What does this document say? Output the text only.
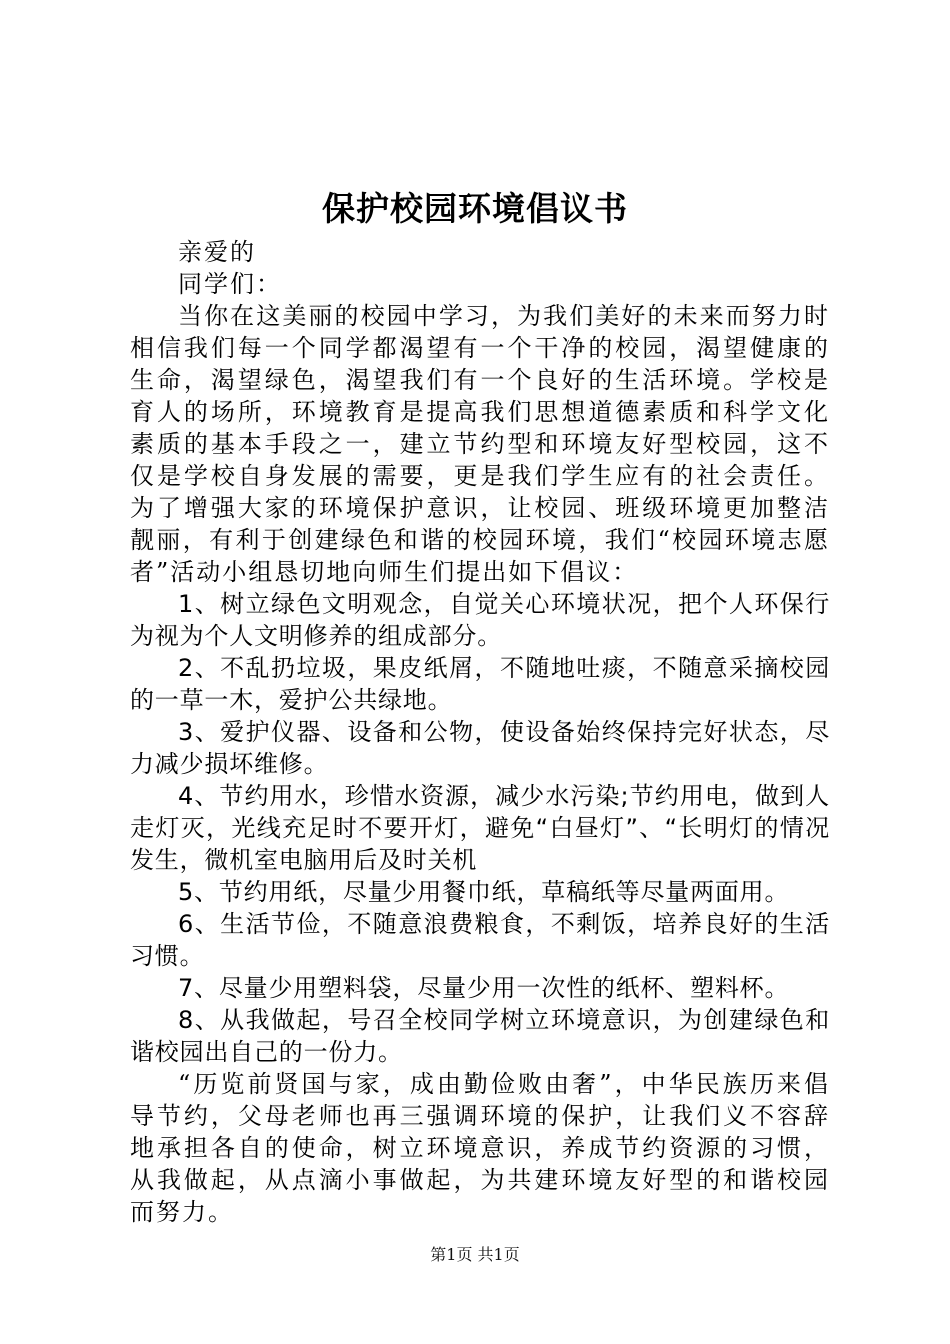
保护校园环境倡议书

亲爱的

同学们：

当你在这美丽的校园中学习，为我们美好的未来而努力时相信我们每一个同学都渴望有一个干净的校园，渴望健康的生命，渴望绿色，渴望我们有一个良好的生活环境。学校是育人的场所，环境教育是提高我们思想道德素质和科学文化素质的基本手段之一，建立节约型和环境友好型校园，这不仅是学校自身发展的需要，更是我们学生应有的社会责任。为了增强大家的环境保护意识，让校园、班级环境更加整洁靓丽，有利于创建绿色和谐的校园环境，我们“校园环境志愿者”活动小组恳切地向师生们提出如下倡议：

1、树立绿色文明观念，自觉关心环境状况，把个人环保行为视为个人文明修养的组成部分。

2、不乱扔垃圾，果皮纸屑，不随地吐痰，不随意采摘校园的一草一木，爱护公共绿地。

3、爱护仪器、设备和公物，使设备始终保持完好状态，尽力减少损坏维修。

4、节约用水，珍惜水资源，减少水污染;节约用电，做到人走灯灭，光线充足时不要开灯，避免“白昼灯”、“长明灯的情况发生，微机室电脑用后及时关机

5、节约用纸，尽量少用餐巾纸，草稿纸等尽量两面用。

6、生活节俭，不随意浪费粮食，不剩饭，培养良好的生活习惯。

7、尽量少用塑料袋，尽量少用一次性的纸杯、塑料杯。

8、从我做起，号召全校同学树立环境意识，为创建绿色和谐校园出自己的一份力。

“历览前贤国与家，成由勤俭败由奢”，中华民族历来倡导节约，父母老师也再三强调环境的保护，让我们义不容辞地承担各自的使命，树立环境意识，养成节约资源的习惯，从我做起，从点滴小事做起，为共建环境友好型的和谐校园而努力。

第1页 共1页
